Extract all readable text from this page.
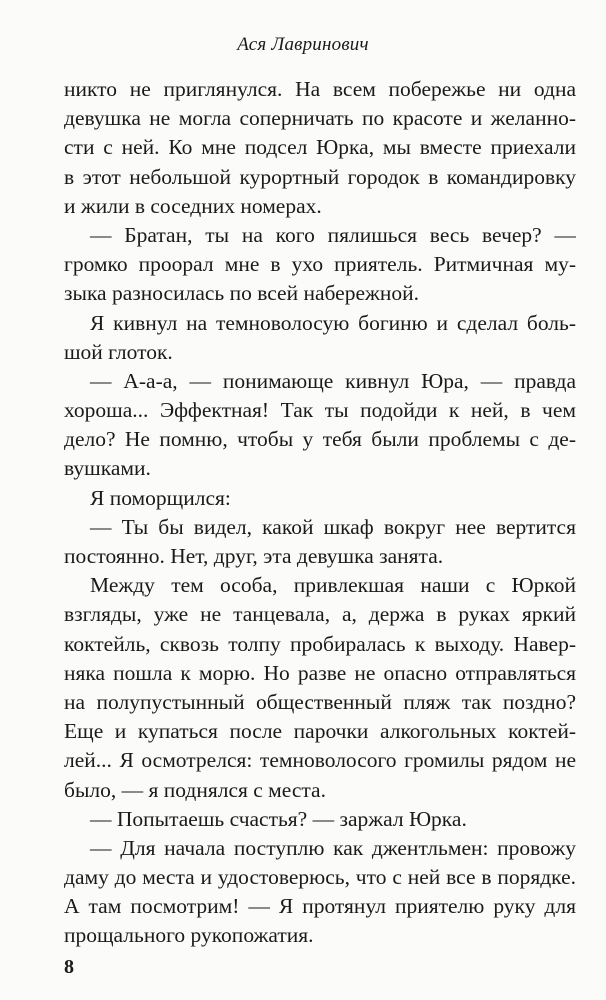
Ася Лавринович
никто не приглянулся. На всем побережье ни одна
девушка не могла соперничать по красоте и желанно-
сти с ней. Ко мне подсел Юрка, мы вместе приехали
в этот небольшой курортный городок в командировку
и жили в соседних номерах.
— Братан, ты на кого пялишься весь вечер? —
громко проорал мне в ухо приятель. Ритмичная му-
зыка разносилась по всей набережной.
Я кивнул на темноволосую богиню и сделал боль-
шой глоток.
— А-а-а, — понимающе кивнул Юра, — правда
хороша... Эффектная! Так ты подойди к ней, в чем
дело? Не помню, чтобы у тебя были проблемы с де-
вушками.
Я поморщился:
— Ты бы видел, какой шкаф вокруг нее вертится
постоянно. Нет, друг, эта девушка занята.
Между тем особа, привлекшая наши с Юркой
взгляды, уже не танцевала, а, держа в руках яркий
коктейль, сквозь толпу пробиралась к выходу. Навер-
няка пошла к морю. Но разве не опасно отправляться
на полупустынный общественный пляж так поздно?
Еще и купаться после парочки алкогольных коктей-
лей... Я осмотрелся: темноволосого громилы рядом не
было, — я поднялся с места.
— Попытаешь счастья? — заржал Юрка.
— Для начала поступлю как джентльмен: провожу
даму до места и удостоверюсь, что с ней все в порядке.
А там посмотрим! — Я протянул приятелю руку для
прощального рукопожатия.
8
